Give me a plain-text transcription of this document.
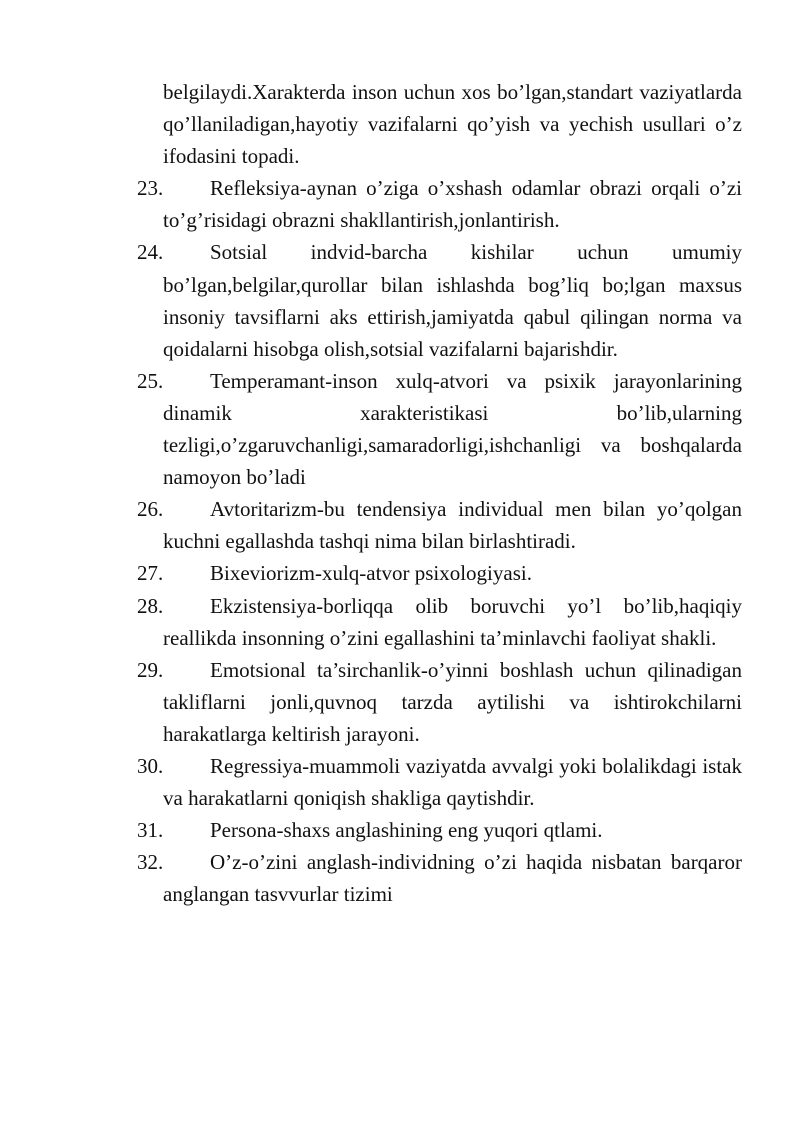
belgilaydi.Xarakterda inson uchun xos bo’lgan,standart vaziyatlarda qo’llaniladigan,hayotiy vazifalarni qo’yish va yechish usullari o’z ifodasini topadi.
23. Refleksiya-aynan o’ziga o’xshash odamlar obrazi orqali o’zi to’g’risidagi obrazni shakllantirish,jonlantirish.
24. Sotsial indvid-barcha kishilar uchun umumiy bo’lgan,belgilar,qurollar bilan ishlashda bog’liq bo;lgan maxsus insoniy tavsiflarni aks ettirish,jamiyatda qabul qilingan norma va qoidalarni hisobga olish,sotsial vazifalarni bajarishdir.
25. Temperamant-inson xulq-atvori va psixik jarayonlarining dinamik xarakteristikasi bo’lib,ularning tezligi,o’zgaruvchanligi,samaradorligi,ishchanligi va boshqalarda namoyon bo’ladi
26. Avtoritarizm-bu tendensiya individual men bilan yo’qolgan kuchni egallashda tashqi nima bilan birlashtiradi.
27. Bixeviorizm-xulq-atvor psixologiyasi.
28. Ekzistensiya-borliqqa olib boruvchi yo’l bo’lib,haqiqiy reallikda insonning o’zini egallashini ta’minlavchi faoliyat shakli.
29. Emotsional ta’sirchanlik-o’yinni boshlash uchun qilinadigan takliflarni jonli,quvnoq tarzda aytilishi va ishtirokchilarni harakatlarga keltirish jarayoni.
30. Regressiya-muammoli vaziyatda avvalgi yoki bolalikdagi istak va harakatlarni qoniqish shakliga qaytishdir.
31. Persona-shaxs anglashining eng yuqori qtlami.
32. O’z-o’zini anglash-individning o’zi haqida nisbatan barqaror anglangan tasvvurlar tizimi
